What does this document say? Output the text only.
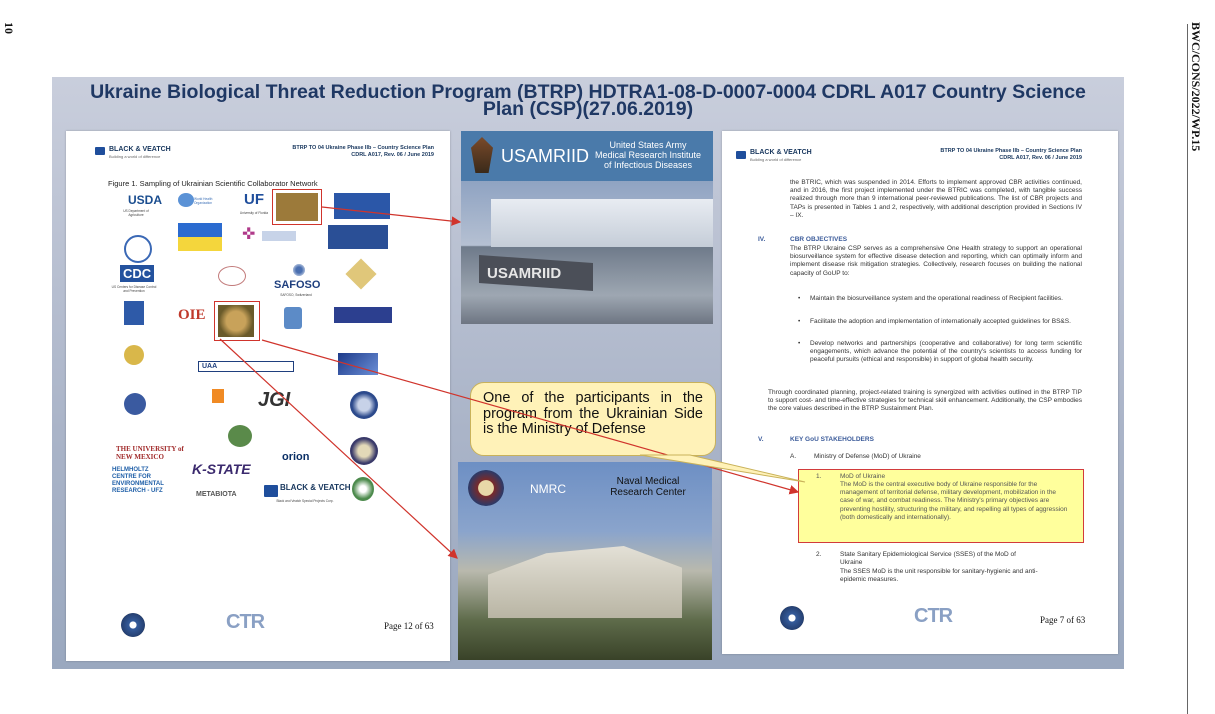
10	BWC/CONS/2022/WP.15
Ukraine Biological Threat Reduction Program (BTRP) HDTRA1-08-D-0007-0004 CDRL A017 Country Science
Plan (CSP)(27.06.2019)
BLACK & VEATCH
Building a world of difference
BTRP TO 04 Ukraine Phase IIb – Country Science Plan
CDRL A017, Rev. 06 / June 2019
Figure 1. Sampling of Ukrainian Scientific Collaborator Network
USDA
US Department of Agriculture
World Health Organization	UF
University of Florida
✜
CDC
US Centers for Disease Control and Prevention	SAFOSO
SAFOSO, Switzerland
OIE
UAA
JGI
THE UNIVERSITY of NEW MEXICO	orion
HELMHOLTZ CENTRE FOR ENVIRONMENTAL RESEARCH - UFZ
K-STATE
METABIOTA
BLACK & VEATCH
Black and Veatch Special Projects Corp.
CTR	Page 12 of 63
USAMRIID
United States Army
Medical Research Institute
of Infectious Diseases
USAMRIID
NMRC
Naval Medical
Research Center
One of the participants in the program from the Ukrainian Side is the Ministry of Defense
BLACK & VEATCH
Building a world of difference
BTRP TO 04 Ukraine Phase IIb – Country Science Plan
CDRL A017, Rev. 06 / June 2019
the BTRIC, which was suspended in 2014. Efforts to implement approved CBR activities continued, and in 2016, the first project implemented under the BTRIC was completed, with tangible success realized through more than 9 international peer-reviewed publications. The list of CBR projects and TAPs is presented in Tables 1 and 2, respectively, with additional description provided in Sections IV – IX.
IV.	CBR OBJECTIVES
The BTRP Ukraine CSP serves as a comprehensive One Health strategy to support an operational biosurveillance system for effective disease detection and reporting, which can optimally inform and implement disease risk mitigation strategies. Collectively, research focuses on building the national capacity of GoUP to:
• Maintain the biosurveillance system and the operational readiness of Recipient facilities.
• Facilitate the adoption and implementation of internationally accepted guidelines for BS&S.
• Develop networks and partnerships (cooperative and collaborative) for long term scientific engagements, which advance the potential of the country's scientists to access funding for peaceful pursuits (ethical and responsible) in support of global health security.
Through coordinated planning, project-related training is synergized with activities outlined in the BTRP TIP to support cost- and time-effective strategies for technical skill enhancement. Additionally, the CSP embodies the core values described in the BTRP Sustainment Plan.
V.	KEY GoU STAKEHOLDERS
A.	Ministry of Defense (MoD) of Ukraine
1.	MoD of Ukraine
The MoD is the central executive body of Ukraine responsible for the management of territorial defense, military development, mobilization in the case of war, and combat readiness. The Ministry's primary objectives are preventing hostility, structuring the military, and repelling all types of aggression (both domestically and internationally).
2.	State Sanitary Epidemiological Service (SSES) of the MoD of Ukraine
The SSES MoD is the unit responsible for sanitary-hygienic and anti-epidemic measures.
CTR	Page 7 of 63
